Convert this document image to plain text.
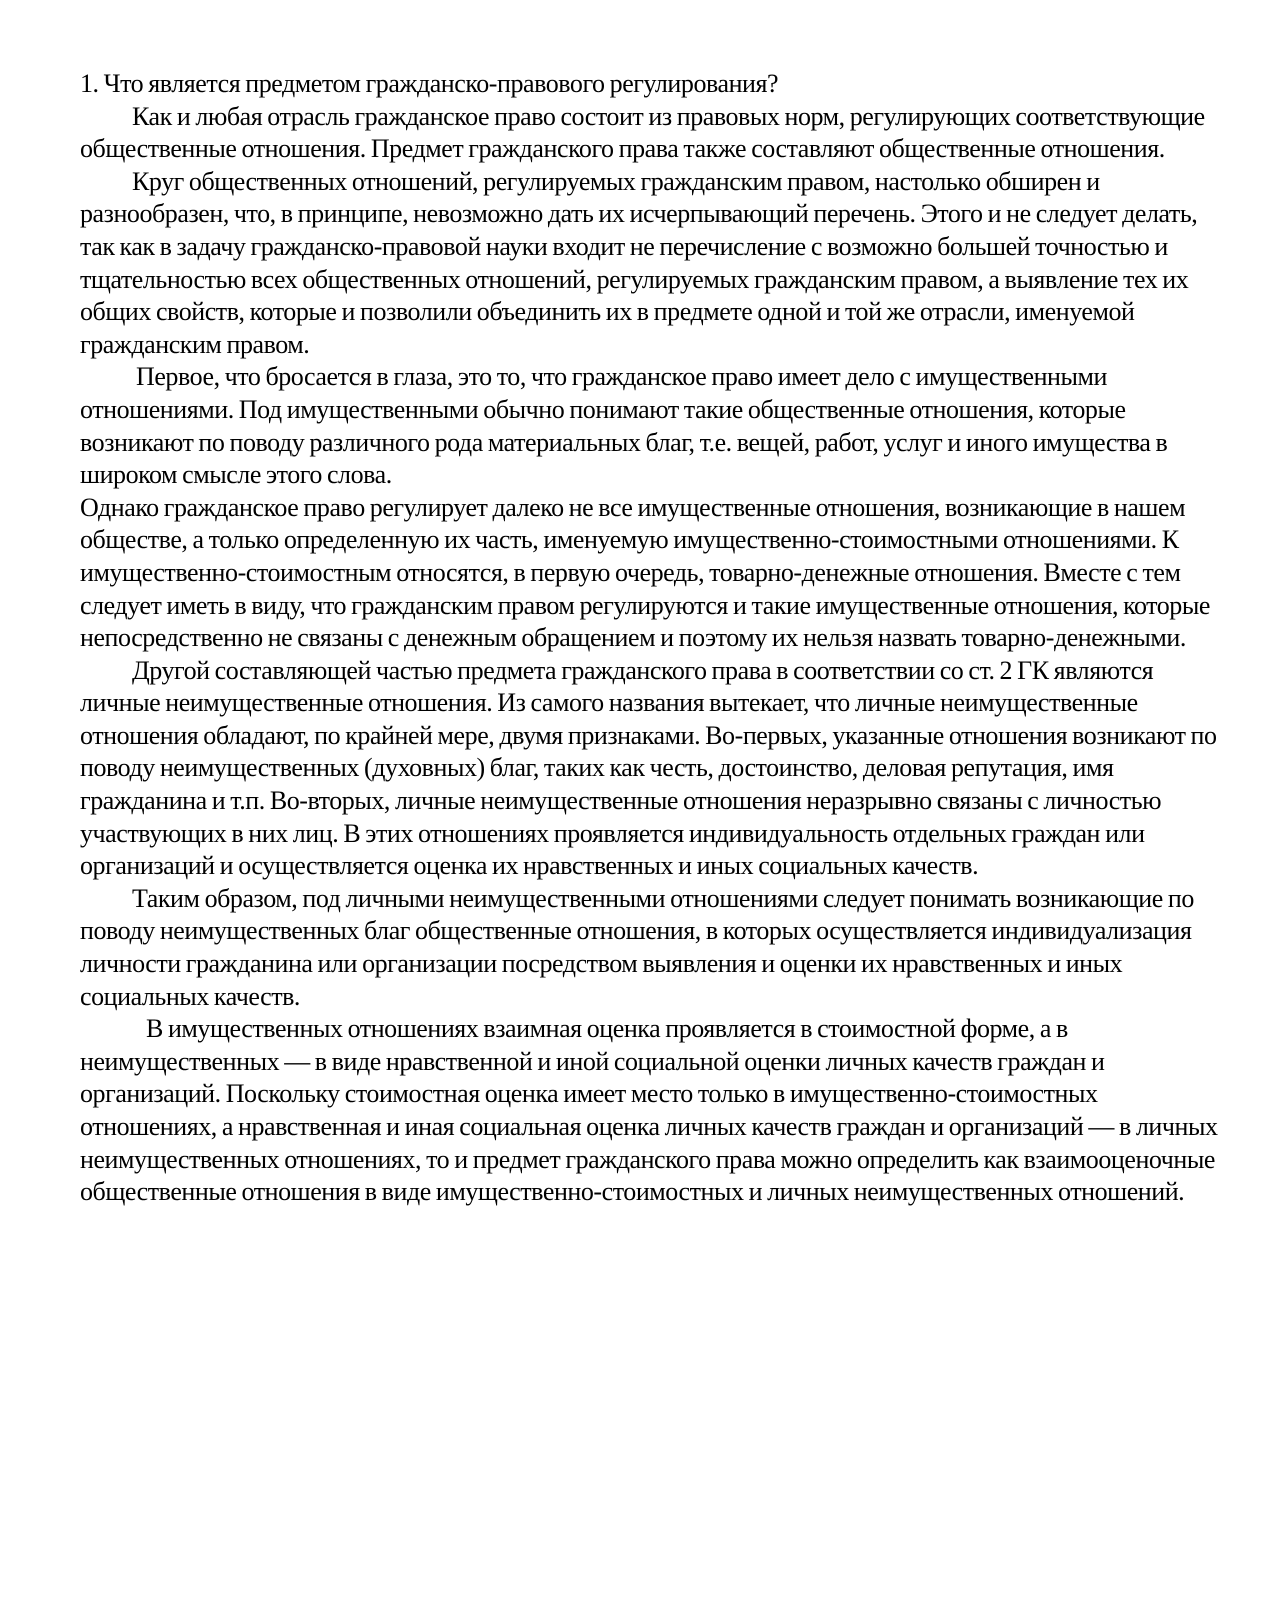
1. Что является предметом гражданско-правового регулирования?

Как и любая отрасль гражданское право состоит из правовых норм, регулирующих соответствующие общественные отношения. Предмет гражданского права также составляют общественные отношения.

Круг общественных отношений, регулируемых гражданским правом, настолько обширен и разнообразен, что, в принципе, невозможно дать их исчерпывающий перечень. Этого и не следует делать, так как в задачу гражданско-правовой науки входит не перечисление с возможно большей точностью и тщательностью всех общественных отношений, регулируемых гражданским правом, а выявление тех их общих свойств, которые и позволили объединить их в предмете одной и той же отрасли, именуемой гражданским правом.

Первое, что бросается в глаза, это то, что гражданское право имеет дело с имущественными отношениями. Под имущественными обычно понимают такие общественные отношения, которые возникают по поводу различного рода материальных благ, т.е. вещей, работ, услуг и иного имущества в широком смысле этого слова.

Однако гражданское право регулирует далеко не все имущественные отношения, возникающие в нашем обществе, а только определенную их часть, именуемую имущественно-стоимостными отношениями. К имущественно-стоимостным относятся, в первую очередь, товарно-денежные отношения. Вместе с тем следует иметь в виду, что гражданским правом регулируются и такие имущественные отношения, которые непосредственно не связаны с денежным обращением и поэтому их нельзя назвать товарно-денежными.

Другой составляющей частью предмета гражданского права в соответствии со ст. 2 ГК являются личные неимущественные отношения. Из самого названия вытекает, что личные неимущественные отношения обладают, по крайней мере, двумя признаками. Во-первых, указанные отношения возникают по поводу неимущественных (духовных) благ, таких как честь, достоинство, деловая репутация, имя гражданина и т.п. Во-вторых, личные неимущественные отношения неразрывно связаны с личностью участвующих в них лиц. В этих отношениях проявляется индивидуальность отдельных граждан или организаций и осуществляется оценка их нравственных и иных социальных качеств.

Таким образом, под личными неимущественными отношениями следует понимать возникающие по поводу неимущественных благ общественные отношения, в которых осуществляется индивидуализация личности гражданина или организации посредством выявления и оценки их нравственных и иных социальных качеств.

В имущественных отношениях взаимная оценка проявляется в стоимостной форме, а в неимущественных — в виде нравственной и иной социальной оценки личных качеств граждан и организаций. Поскольку стоимостная оценка имеет место только в имущественно-стоимостных отношениях, а нравственная и иная социальная оценка личных качеств граждан и организаций — в личных неимущественных отношениях, то и предмет гражданского права можно определить как взаимооценочные общественные отношения в виде имущественно-стоимостных и личных неимущественных отношений.
